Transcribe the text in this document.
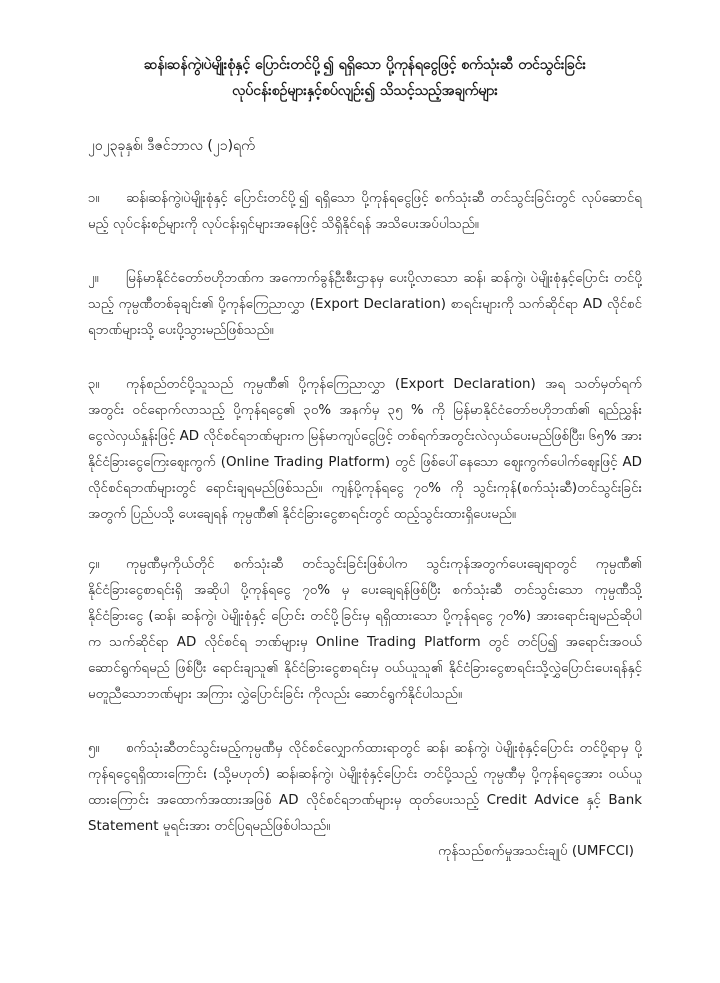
ဆန်၊ဆန်ကွဲ၊ပဲမျိုးစုံနှင့် ပြောင်းတင်ပို့၍ ရရှိသော ပို့ကုန်ရငွေဖြင့် စက်သုံးဆီ တင်သွင်းခြင်း
လုပ်ငန်းစဉ်များနှင့်စပ်လျဉ်း၍ သိသင့်သည့်အချက်များ
၂၀၂၃ခုနှစ်၊ ဒီဇင်ဘာလ (၂၁)ရက်
၁။ ဆန်၊ဆန်ကွဲ၊ပဲမျိုးစုံနှင့် ပြောင်းတင်ပို့၍ ရရှိသော ပို့ကုန်ရငွေဖြင့် စက်သုံးဆီ တင်သွင်းခြင်းတွင် လုပ်ဆောင်ရမည့် လုပ်ငန်းစဉ်များကို လုပ်ငန်းရှင်များအနေဖြင့် သိရှိနိုင်ရန် အသိပေးအပ်ပါသည်။
၂။ မြန်မာနိုင်ငံတော်ဗဟိုဘဏ်က အကောက်ခွန်ဦးစီးဌာနမှ ပေးပို့လာသော ဆန်၊ ဆန်ကွဲ၊ ပဲမျိုးစုံနှင့်ပြောင်း တင်ပို့သည့် ကုမ္ပဏီတစ်ခုချင်း၏ ပို့ကုန်ကြေညာလွှာ (Export Declaration) စာရင်းများကို သက်ဆိုင်ရာ AD လိုင်စင်ရဘဏ်များသို့ ပေးပို့သွားမည်ဖြစ်သည်။
၃။ ကုန်စည်တင်ပို့သူသည် ကုမ္ပဏီ၏ ပို့ကုန်ကြေညာလွှာ (Export Declaration) အရ သတ်မှတ်ရက်အတွင်း ဝင်ရောက်လာသည့် ပို့ကုန်ရငွေ၏ ၃၀% အနက်မှ ၃၅ % ကို မြန်မာနိုင်ငံတော်ဗဟိုဘဏ်၏ ရည်ညွှန်းငွေလဲလှယ်နှုန်းဖြင့် AD လိုင်စင်ရဘဏ်များက မြန်မာကျပ်ငွေဖြင့် တစ်ရက်အတွင်းလဲလှယ်ပေးမည်ဖြစ်ပြီး၊ ၆၅% အား နိုင်ငံခြားငွေကြေးဈေးကွက် (Online Trading Platform) တွင် ဖြစ်ပေါ်နေသော ဈေးကွက်ပေါက်ဈေးဖြင့် AD လိုင်စင်ရဘဏ်များတွင် ရောင်းချရမည်ဖြစ်သည်။ ကျန်ပို့ကုန်ရငွေ ၇၀% ကို သွင်းကုန်(စက်သုံးဆီ)တင်သွင်းခြင်းအတွက် ပြည်ပသို့ ပေးချေရန် ကုမ္ပဏီ၏ နိုင်ငံခြားငွေစာရင်းတွင် ထည့်သွင်းထားရှိပေးမည်။
၄။ ကုမ္ပဏီမှကိုယ်တိုင် စက်သုံးဆီ တင်သွင်းခြင်းဖြစ်ပါက သွင်းကုန်အတွက်ပေးချေရာတွင် ကုမ္ပဏီ၏ နိုင်ငံခြားငွေစာရင်းရှိ အဆိုပါ ပို့ကုန်ရငွေ ၇၀% မှ ပေးချေရန်ဖြစ်ပြီး စက်သုံးဆီ တင်သွင်းသော ကုမ္ပဏီသို့ နိုင်ငံခြားငွေ (ဆန်၊ ဆန်ကွဲ၊ ပဲမျိုးစုံနှင့် ပြောင်း တင်ပို့ခြင်းမှ ရရှိထားသော ပို့ကုန်ရငွေ ၇၀%) အားရောင်းချမည်ဆိုပါက သက်ဆိုင်ရာ AD လိုင်စင်ရ ဘဏ်များမှ Online Trading Platform တွင် တင်ပြ၍ အရောင်းအဝယ်ဆောင်ရွက်ရမည် ဖြစ်ပြီး ရောင်းချသူ၏ နိုင်ငံခြားငွေစာရင်းမှ ဝယ်ယူသူ၏ နိုင်ငံခြားငွေစာရင်းသို့လွှဲပြောင်းပေးရန်နှင့် မတူညီသောဘဏ်များ အကြား လွှဲပြောင်းခြင်း ကိုလည်း ဆောင်ရွက်နိုင်ပါသည်။
၅။ စက်သုံးဆီတင်သွင်းမည့်ကုမ္ပဏီမှ လိုင်စင်လျှောက်ထားရာတွင် ဆန်၊ ဆန်ကွဲ၊ ပဲမျိုးစုံနှင့်ပြောင်း တင်ပို့ရာမှ ပို့ကုန်ရငွေရရှိထားကြောင်း (သို့မဟုတ်) ဆန်၊ဆန်ကွဲ၊ ပဲမျိုးစုံနှင့်ပြောင်း တင်ပို့သည့် ကုမ္ပဏီမှ ပို့ကုန်ရငွေအား ဝယ်ယူထားကြောင်း အထောက်အထားအဖြစ် AD လိုင်စင်ရဘဏ်များမှ ထုတ်ပေးသည့် Credit Advice နှင့် Bank Statement မူရင်းအား တင်ပြရမည်ဖြစ်ပါသည်။
ကုန်သည်စက်မှုအသင်းချုပ် (UMFCCI)
